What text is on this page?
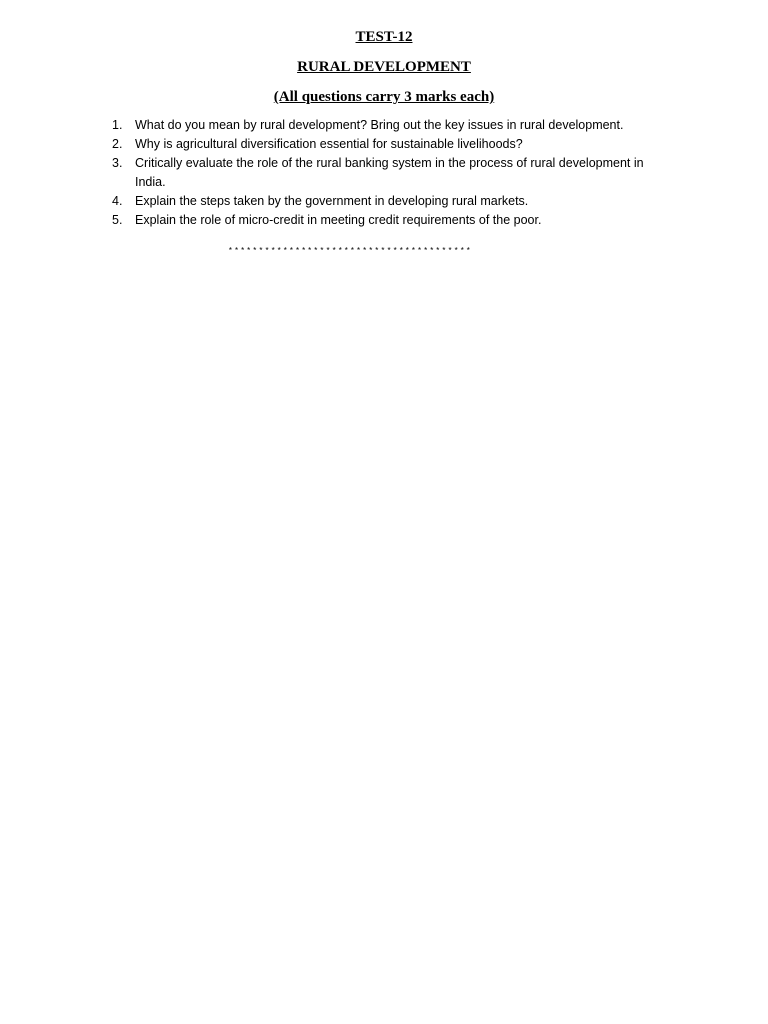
TEST-12
RURAL DEVELOPMENT
(All questions carry 3 marks each)
1.	What do you mean by rural development? Bring out the key issues in rural development.
2.	Why is agricultural diversification essential for sustainable livelihoods?
3.	Critically evaluate the role of the rural banking system in the process of rural development in India.
4.	Explain the steps taken by the government in developing rural markets.
5.	Explain the role of micro-credit in meeting credit requirements of the poor.
****************************************
